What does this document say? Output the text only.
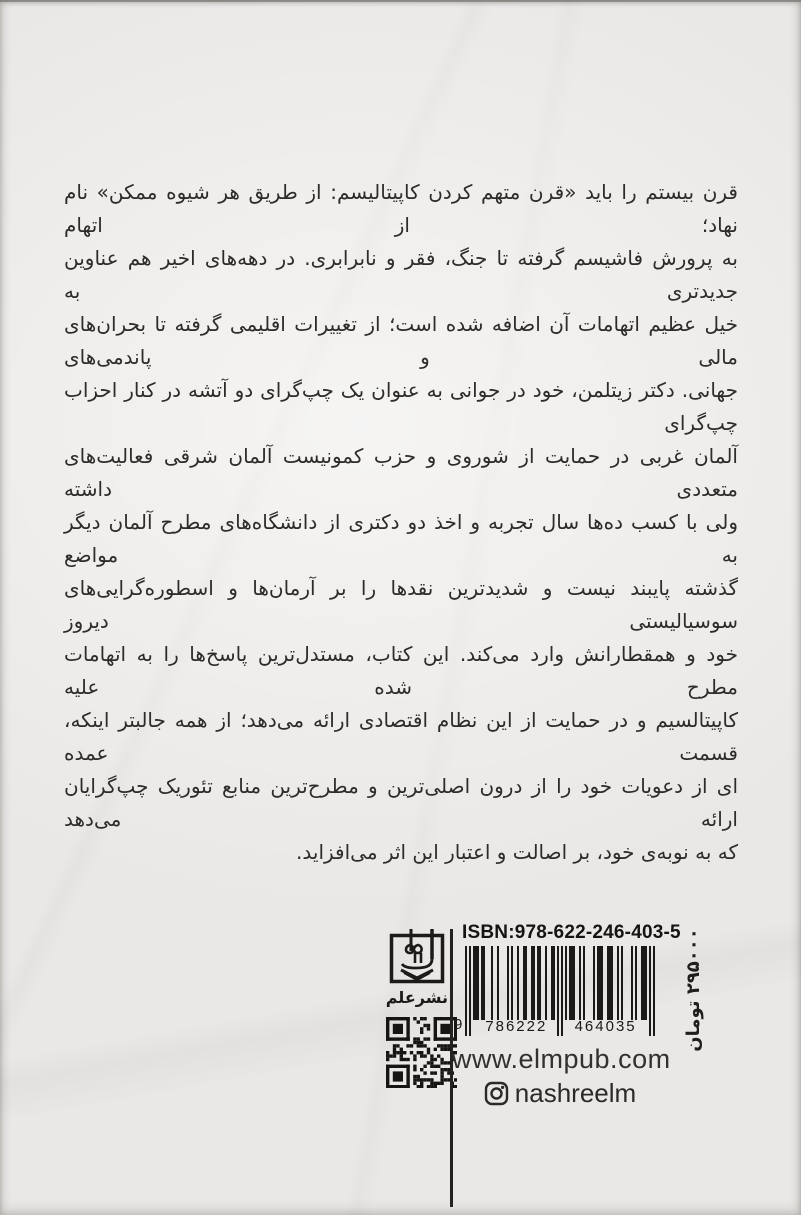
قرن بیستم را باید «قرن متهم کردن کاپیتالیسم: از طریق هر شیوه ممکن» نام نهاد؛ از اتهام
به پرورش فاشیسم گرفته تا جنگ، فقر و نابرابری. در دهه‌های اخیر هم عناوین جدیدتری به
خیل عظیم اتهامات آن اضافه شده است؛ از تغییرات اقلیمی گرفته تا بحران‌های مالی و پاندمی‌های
جهانی. دکتر زیتلمن، خود در جوانی به عنوان یک چپ‌گرای دو آتشه در کنار احزاب چپ‌گرای
آلمان غربی در حمایت از شوروی و حزب کمونیست آلمان شرقی فعالیت‌های متعددی داشته
ولی با کسب ده‌ها سال تجربه و اخذ دو دکتری از دانشگاه‌های مطرح آلمان دیگر به مواضع
گذشته پایبند نیست و شدیدترین نقدها را بر آرمان‌ها و اسطوره‌گرایی‌های سوسیالیستی دیروز
خود و همقطارانش وارد می‌کند. این کتاب، مستدل‌ترین پاسخ‌ها را به اتهامات مطرح شده علیه
کاپیتالسیم و در حمایت از این نظام اقتصادی ارائه می‌دهد؛ از همه جالبتر اینکه، قسمت عمده
ای از دعویات خود را از درون اصلی‌ترین و مطرح‌ترین منابع تئوریک چپ‌گرایان ارائه می‌دهد
که به نوبه‌ی خود، بر اصالت و اعتبار این اثر می‌افزاید.
نشرعلم
ISBN:978-622-246-403-5
9	786222	464035	۲۹۵۰۰۰ تومان
www.elmpub.com
nashreelm
